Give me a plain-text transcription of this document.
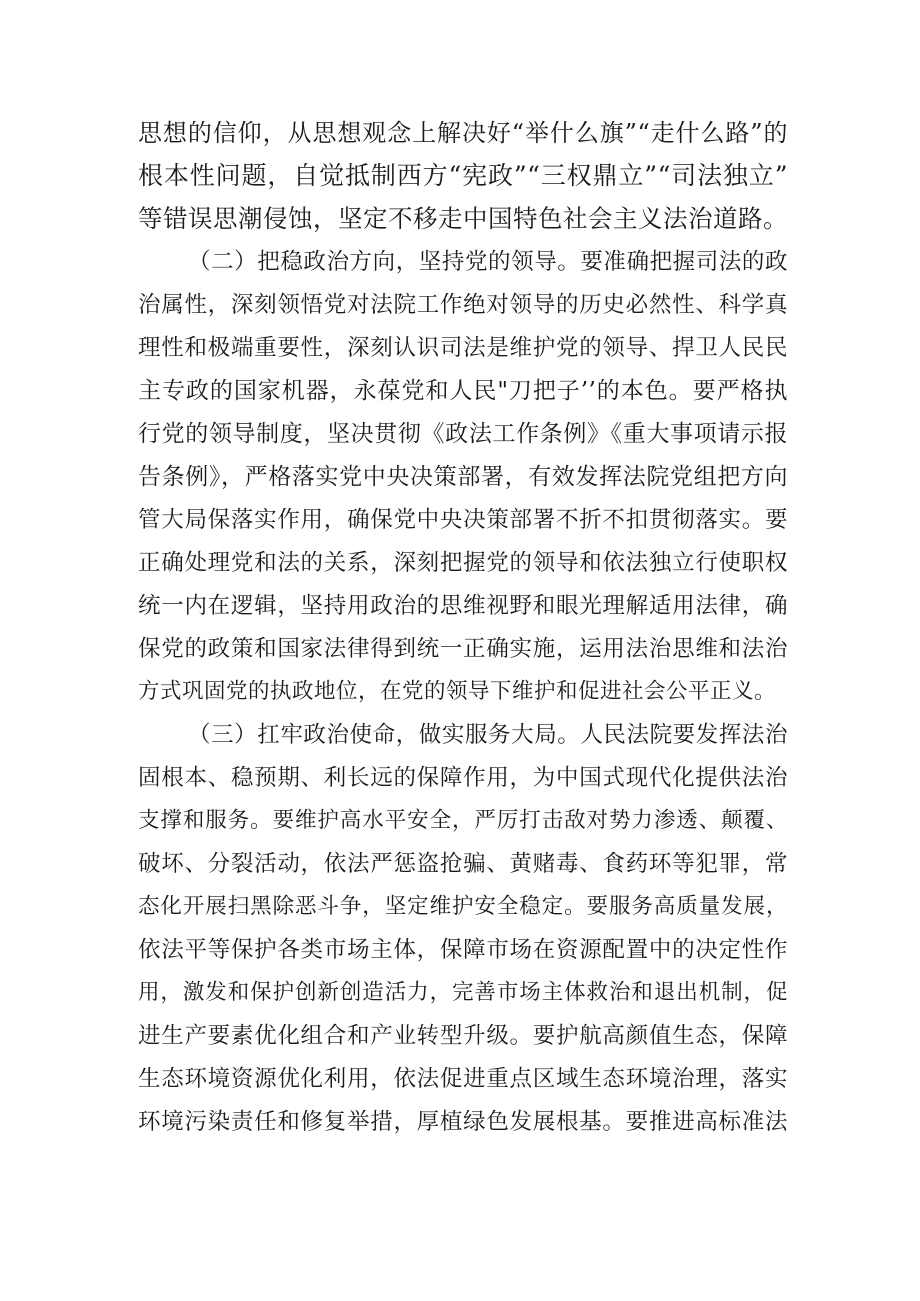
思想的信仰，从思想观念上解决好“举什么旗”“走什么路”的
根本性问题，自觉抵制西方“宪政”“三权鼎立”“司法独立”
等错误思潮侵蚀，坚定不移走中国特色社会主义法治道路。
（二）把稳政治方向，坚持党的领导。要准确把握司法的政
治属性，深刻领悟党对法院工作绝对领导的历史必然性、科学真
理性和极端重要性，深刻认识司法是维护党的领导、捍卫人民民
主专政的国家机器，永葆党和人民"刀把子’’的本色。要严格执
行党的领导制度，坚决贯彻《政法工作条例》《重大事项请示报
告条例》，严格落实党中央决策部署，有效发挥法院党组把方向
管大局保落实作用，确保党中央决策部署不折不扣贯彻落实。要
正确处理党和法的关系，深刻把握党的领导和依法独立行使职权
统一内在逻辑，坚持用政治的思维视野和眼光理解适用法律，确
保党的政策和国家法律得到统一正确实施，运用法治思维和法治
方式巩固党的执政地位，在党的领导下维护和促进社会公平正义。
（三）扛牢政治使命，做实服务大局。人民法院要发挥法治
固根本、稳预期、利长远的保障作用，为中国式现代化提供法治
支撑和服务。要维护高水平安全，严厉打击敌对势力渗透、颠覆、
破坏、分裂活动，依法严惩盗抢骗、黄赌毒、食药环等犯罪，常
态化开展扫黑除恶斗争，坚定维护安全稳定。要服务高质量发展，
依法平等保护各类市场主体，保障市场在资源配置中的决定性作
用，激发和保护创新创造活力，完善市场主体救治和退出机制，促
进生产要素优化组合和产业转型升级。要护航高颜值生态，保障
生态环境资源优化利用，依法促进重点区域生态环境治理，落实
环境污染责任和修复举措，厚植绿色发展根基。要推进高标准法
